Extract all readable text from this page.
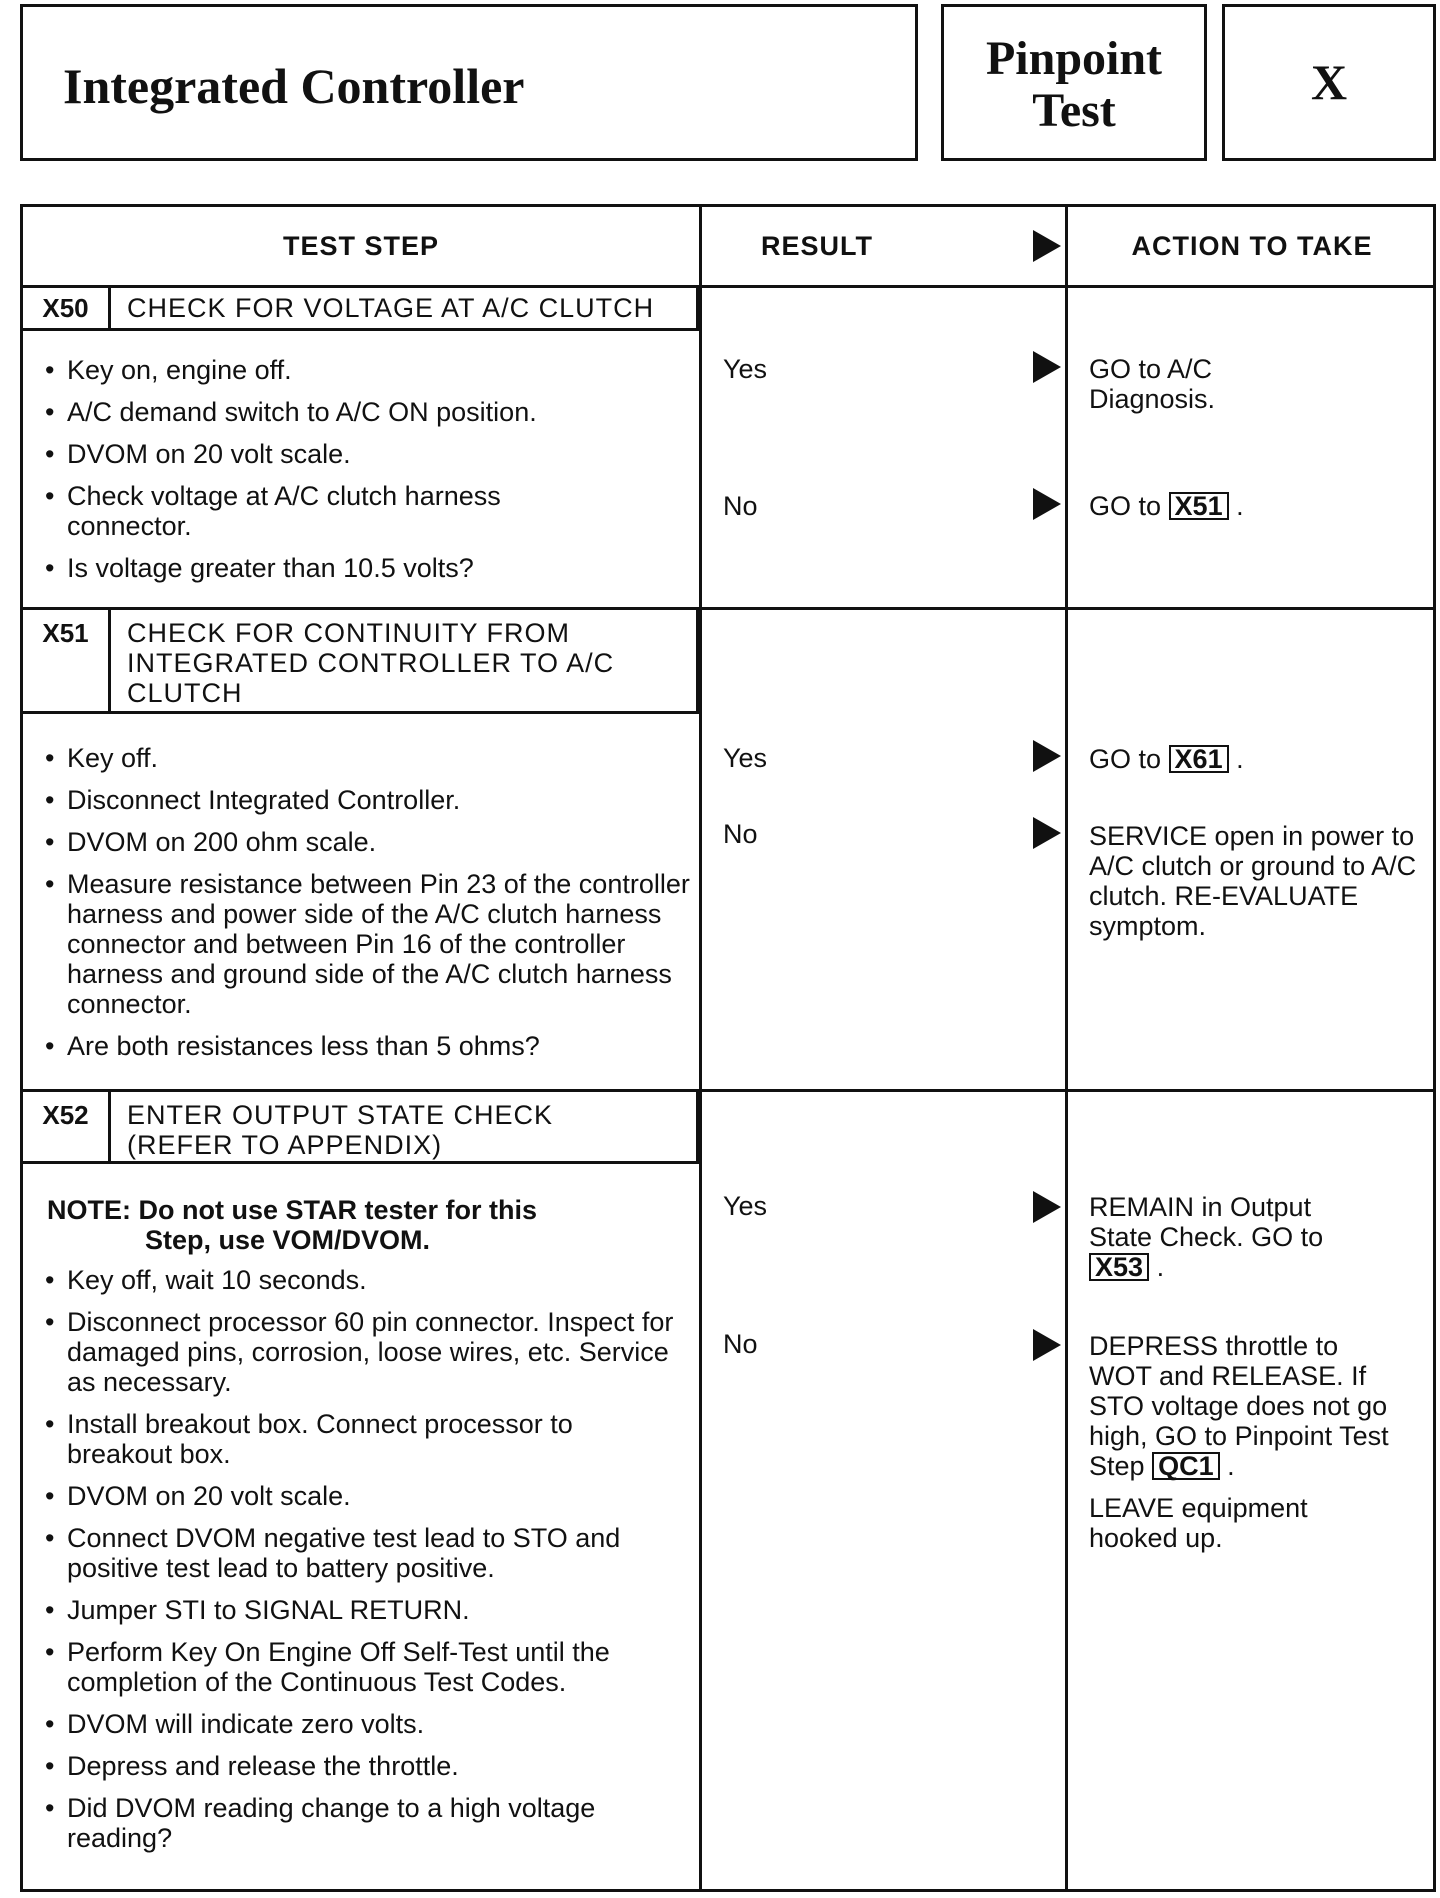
Integrated Controller	Pinpoint
Test
X
TEST STEP	RESULT	ACTION TO TAKE
X50	CHECK FOR VOLTAGE AT A/C CLUTCH
• Key on, engine off.
• A/C demand switch to A/C ON position.
• DVOM on 20 volt scale.
• Check voltage at A/C clutch harness connector.
• Is voltage greater than 10.5 volts?
Yes	GO to A/C Diagnosis.
No	GO to X51 .
X51	CHECK FOR CONTINUITY FROM INTEGRATED CONTROLLER TO A/C CLUTCH
• Key off.
• Disconnect Integrated Controller.
• DVOM on 200 ohm scale.
• Measure resistance between Pin 23 of the controller harness and power side of the A/C clutch harness connector and between Pin 16 of the controller harness and ground side of the A/C clutch harness connector.
• Are both resistances less than 5 ohms?
Yes	GO to X61 .
No	SERVICE open in power to A/C clutch or ground to A/C clutch. RE-EVALUATE symptom.
X52	ENTER OUTPUT STATE CHECK (REFER TO APPENDIX)
NOTE: Do not use STAR tester for this
Step, use VOM/DVOM.
• Key off, wait 10 seconds.
• Disconnect processor 60 pin connector. Inspect for damaged pins, corrosion, loose wires, etc. Service as necessary.
• Install breakout box. Connect processor to breakout box.
• DVOM on 20 volt scale.
• Connect DVOM negative test lead to STO and positive test lead to battery positive.
• Jumper STI to SIGNAL RETURN.
• Perform Key On Engine Off Self-Test until the completion of the Continuous Test Codes.
• DVOM will indicate zero volts.
• Depress and release the throttle.
• Did DVOM reading change to a high voltage reading?
Yes	REMAIN in Output State Check. GO to X53 .
No	DEPRESS throttle to WOT and RELEASE. If STO voltage does not go high, GO to Pinpoint Test Step QC1 .
LEAVE equipment hooked up.
